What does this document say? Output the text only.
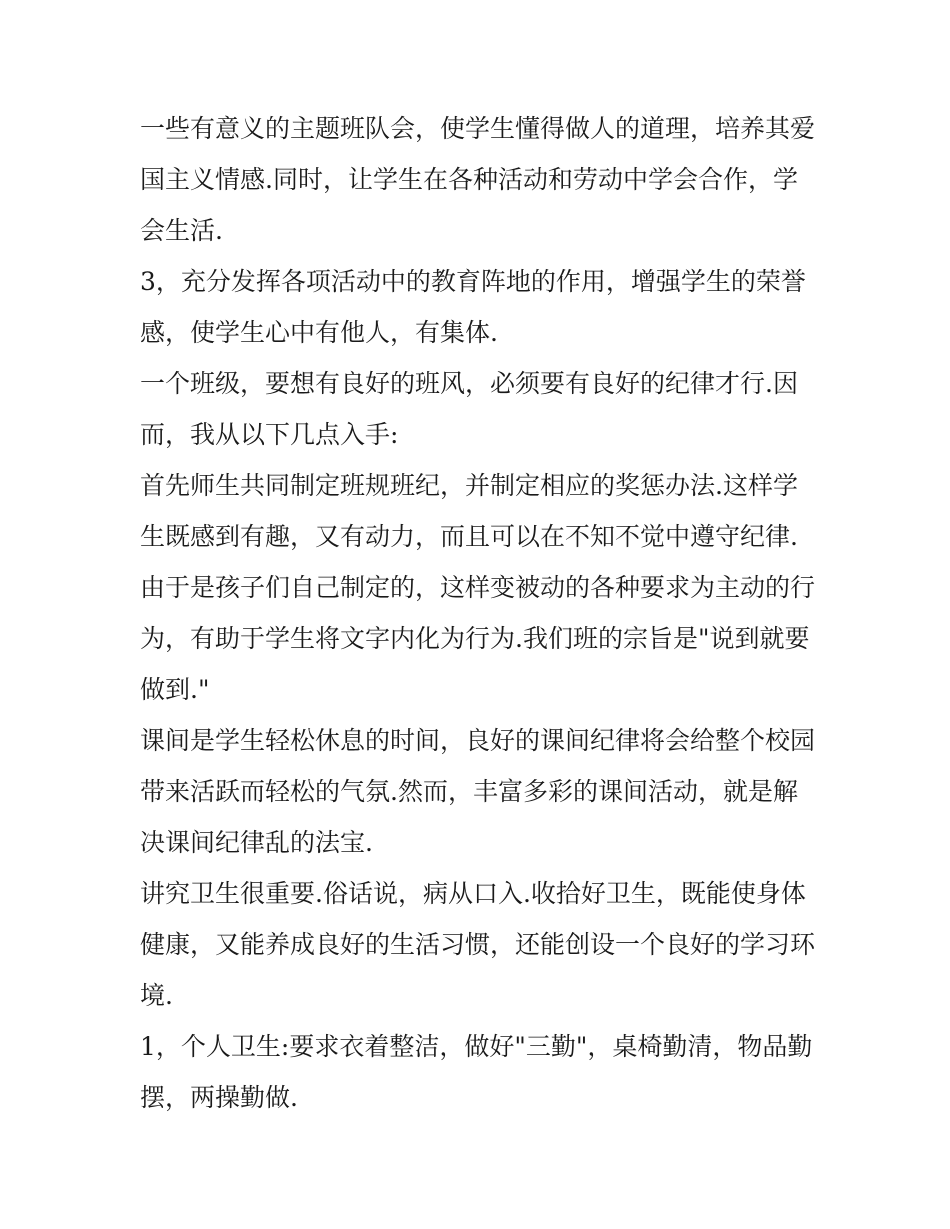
一些有意义的主题班队会，使学生懂得做人的道理，培养其爱国主义情感.同时，让学生在各种活动和劳动中学会合作，学会生活.

3，充分发挥各项活动中的教育阵地的作用，增强学生的荣誉感，使学生心中有他人，有集体.

一个班级，要想有良好的班风，必须要有良好的纪律才行.因而，我从以下几点入手:

首先师生共同制定班规班纪，并制定相应的奖惩办法.这样学生既感到有趣，又有动力，而且可以在不知不觉中遵守纪律.

由于是孩子们自己制定的，这样变被动的各种要求为主动的行为，有助于学生将文字内化为行为.我们班的宗旨是"说到就要做到."

课间是学生轻松休息的时间，良好的课间纪律将会给整个校园带来活跃而轻松的气氛.然而，丰富多彩的课间活动，就是解决课间纪律乱的法宝.

讲究卫生很重要.俗话说，病从口入.收拾好卫生，既能使身体健康，又能养成良好的生活习惯，还能创设一个良好的学习环境.

1，个人卫生:要求衣着整洁，做好"三勤"，桌椅勤清，物品勤摆，两操勤做.
